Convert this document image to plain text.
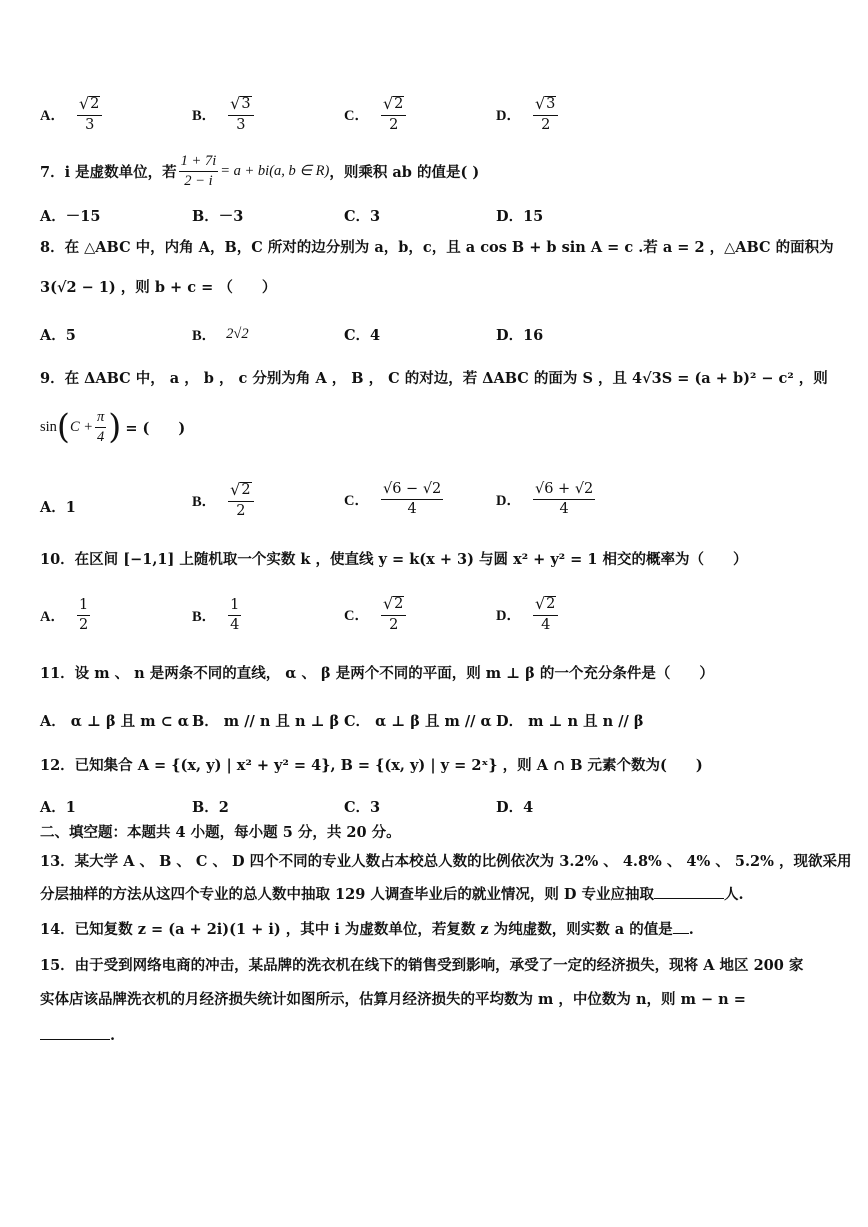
A． $\frac{√ 2}{3}$	B． $\frac{√ 3}{3}$	C． $\frac{√ 2}{2}$	D． $\frac{√ 3}{2}$
7．i 是虚数单位，若 $\frac{1 + 7i}{2 - i} = a + bi(a$, b ∈ R) ，则乘积 ab 的值是( )
A．－15	B．－3	C．3	D．15
8．在 △ABC 中，内角 A，B，C 所对的边分别为 a，b，c，且 a cos B + b sin A = c .若 a = 2 ，△ABC 的面积为
3(√2 − 1) ，则 b + c = （　　）
A．5	B． 2√2	C．4	D．16
9．在 ΔABC 中， a ， b ， c 分别为角 A ， B ， C 的对边，若 ΔABC 的面为 S ，且 4√3S = (a + b)² − c² ，则
sin ( $C + \frac{\pi}{4}$ ) = (　　)
A．1	B． $\frac{√ 2}{2}$	C． $\frac{√6 - √2}{4}$	D． $\frac{√6 + √2}{4}$
10．在区间 [−1,1] 上随机取一个实数 k ，使直线 y = k(x + 3) 与圆 x² + y² = 1 相交的概率为（　　）
A． $\frac{1}{2}$	B． $\frac{1}{4}$	C． $\frac{√ 2}{2}$	D． $\frac{√ 2}{4}$
11．设 m 、 n 是两条不同的直线， α 、 β 是两个不同的平面，则 m ⊥ β 的一个充分条件是（　　）
A． α ⊥ β 且 m ⊂ α B． m // n 且 n ⊥ β C． α ⊥ β 且 m // α D． m ⊥ n 且 n // β
12．已知集合 A = {(x, y) | x² + y² = 4}, B = {(x, y) | y = 2ˣ} ，则 A ∩ B 元素个数为(　　)
A．1	B．2	C．3	D．4
二、填空题：本题共 4 小题，每小题 5 分，共 20 分。
13．某大学 A 、 B 、 C 、 D 四个不同的专业人数占本校总人数的比例依次为 3.2% 、 4.8% 、 4% 、 5.2% ，现欲采用
分层抽样的方法从这四个专业的总人数中抽取 129 人调查毕业后的就业情况，则 D 专业应抽取	人.
14．已知复数 z = (a + 2i)(1 + i) ，其中 i 为虚数单位，若复数 z 为纯虚数，则实数 a 的值是 .
15．由于受到网络电商的冲击，某品牌的洗衣机在线下的销售受到影响，承受了一定的经济损失，现将 A 地区 200 家
实体店该品牌洗衣机的月经济损失统计如图所示，估算月经济损失的平均数为 m ，中位数为 n，则 m − n =
.
